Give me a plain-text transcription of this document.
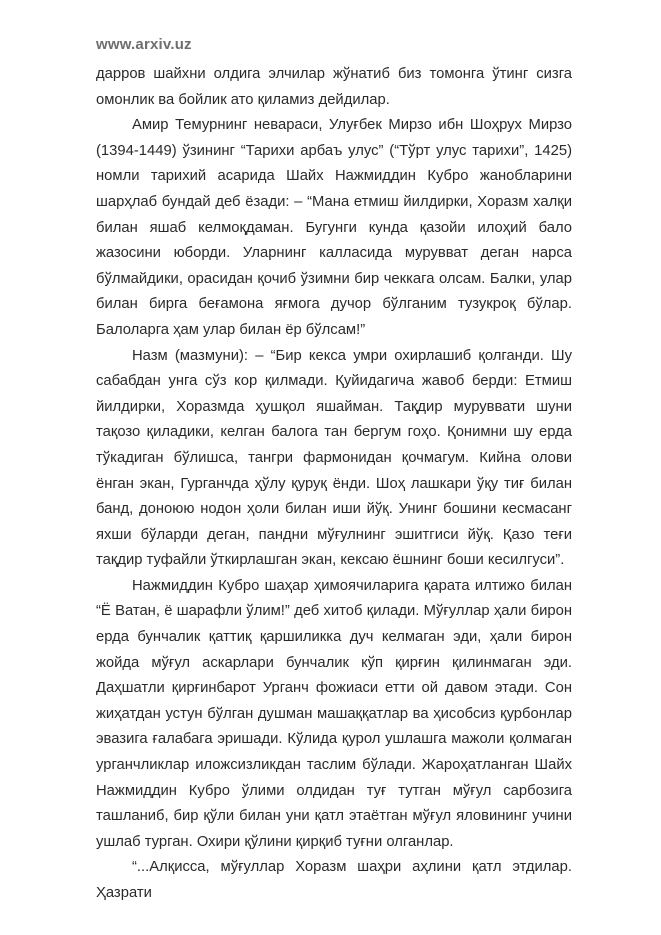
www.arxiv.uz

дарров шайхни олдига элчилар жўнатиб биз томонга ўтинг сизга омонлик ва бойлик ато қиламиз дейдилар.

Амир Темурнинг невараси, Улуғбек Мирзо ибн Шоҳрух Мирзо (1394-1449) ўзининг “Тарихи арбаъ улус” (“Тўрт улус тарихи”, 1425) номли тарихий асарида Шайх Нажмиддин Кубро жанобларини шарҳлаб бундай деб ёзади: – “Мана етмиш йилдирки, Хоразм халқи билан яшаб келмоқдаман. Бугунги кунда қазойи илоҳий бало жазосини юборди. Уларнинг калласида мурувват деган нарса бўлмайдики, орасидан қочиб ўзимни бир чеккага олсам. Балки, улар билан бирга беғамона яғмога дучор бўлганим тузукроқ бўлар. Балоларга ҳам улар билан ёр бўлсам!”

Назм (мазмуни): – “Бир кекса умри охирлашиб қолганди. Шу сабабдан унга сўз кор қилмади. Қуйидагича жавоб берди: Етмиш йилдирки, Хоразмда ҳушқол яшайман. Тақдир муруввати шуни тақозо қиладики, келган балога тан бергум гоҳо. Қонимни шу ерда тўкадиган бўлишса, тангри фармонидан қочмагум. Кийна олови ёнган экан, Гурганчда ҳўлу қуруқ ёнди. Шоҳ лашкари ўқу тиғ билан банд, доноюю нодон ҳоли билан иши йўқ. Унинг бошини кесмасанг яхши бўларди деган, пандни мўғулнинг эшитгиси йўқ. Қазо теғи тақдир туфайли ўткирлашган экан, кексаю ёшнинг боши кесилгуси”.

Нажмиддин Кубро шаҳар ҳимоячиларига қарата илтижо билан “Ё Ватан, ё шарафли ўлим!” деб хитоб қилади. Мўғуллар ҳали бирон ерда бунчалик қаттиқ қаршиликка дуч келмаган эди, ҳали бирон жойда мўғул аскарлари бунчалик кўп қирғин қилинмаган эди. Даҳшатли қирғинбарот Урганч фожиаси етти ой давом этади. Сон жиҳатдан устун бўлган душман машаққатлар ва ҳисобсиз қурбонлар эвазига ғалабага эришади. Кўлида қурол ушлашга мажоли қолмаган урганчликлар иложсизликдан таслим бўлади. Жароҳатланган Шайх Нажмиддин Кубро ўлими олдидан туғ тутган мўғул сарбозига ташланиб, бир қўли билан уни қатл этаётган мўғул яловининг учини ушлаб турган. Охири қўлини қирқиб туғни олганлар.

“...Алқисса, мўғуллар Хоразм шаҳри аҳлини қатл этдилар. Ҳазрати
